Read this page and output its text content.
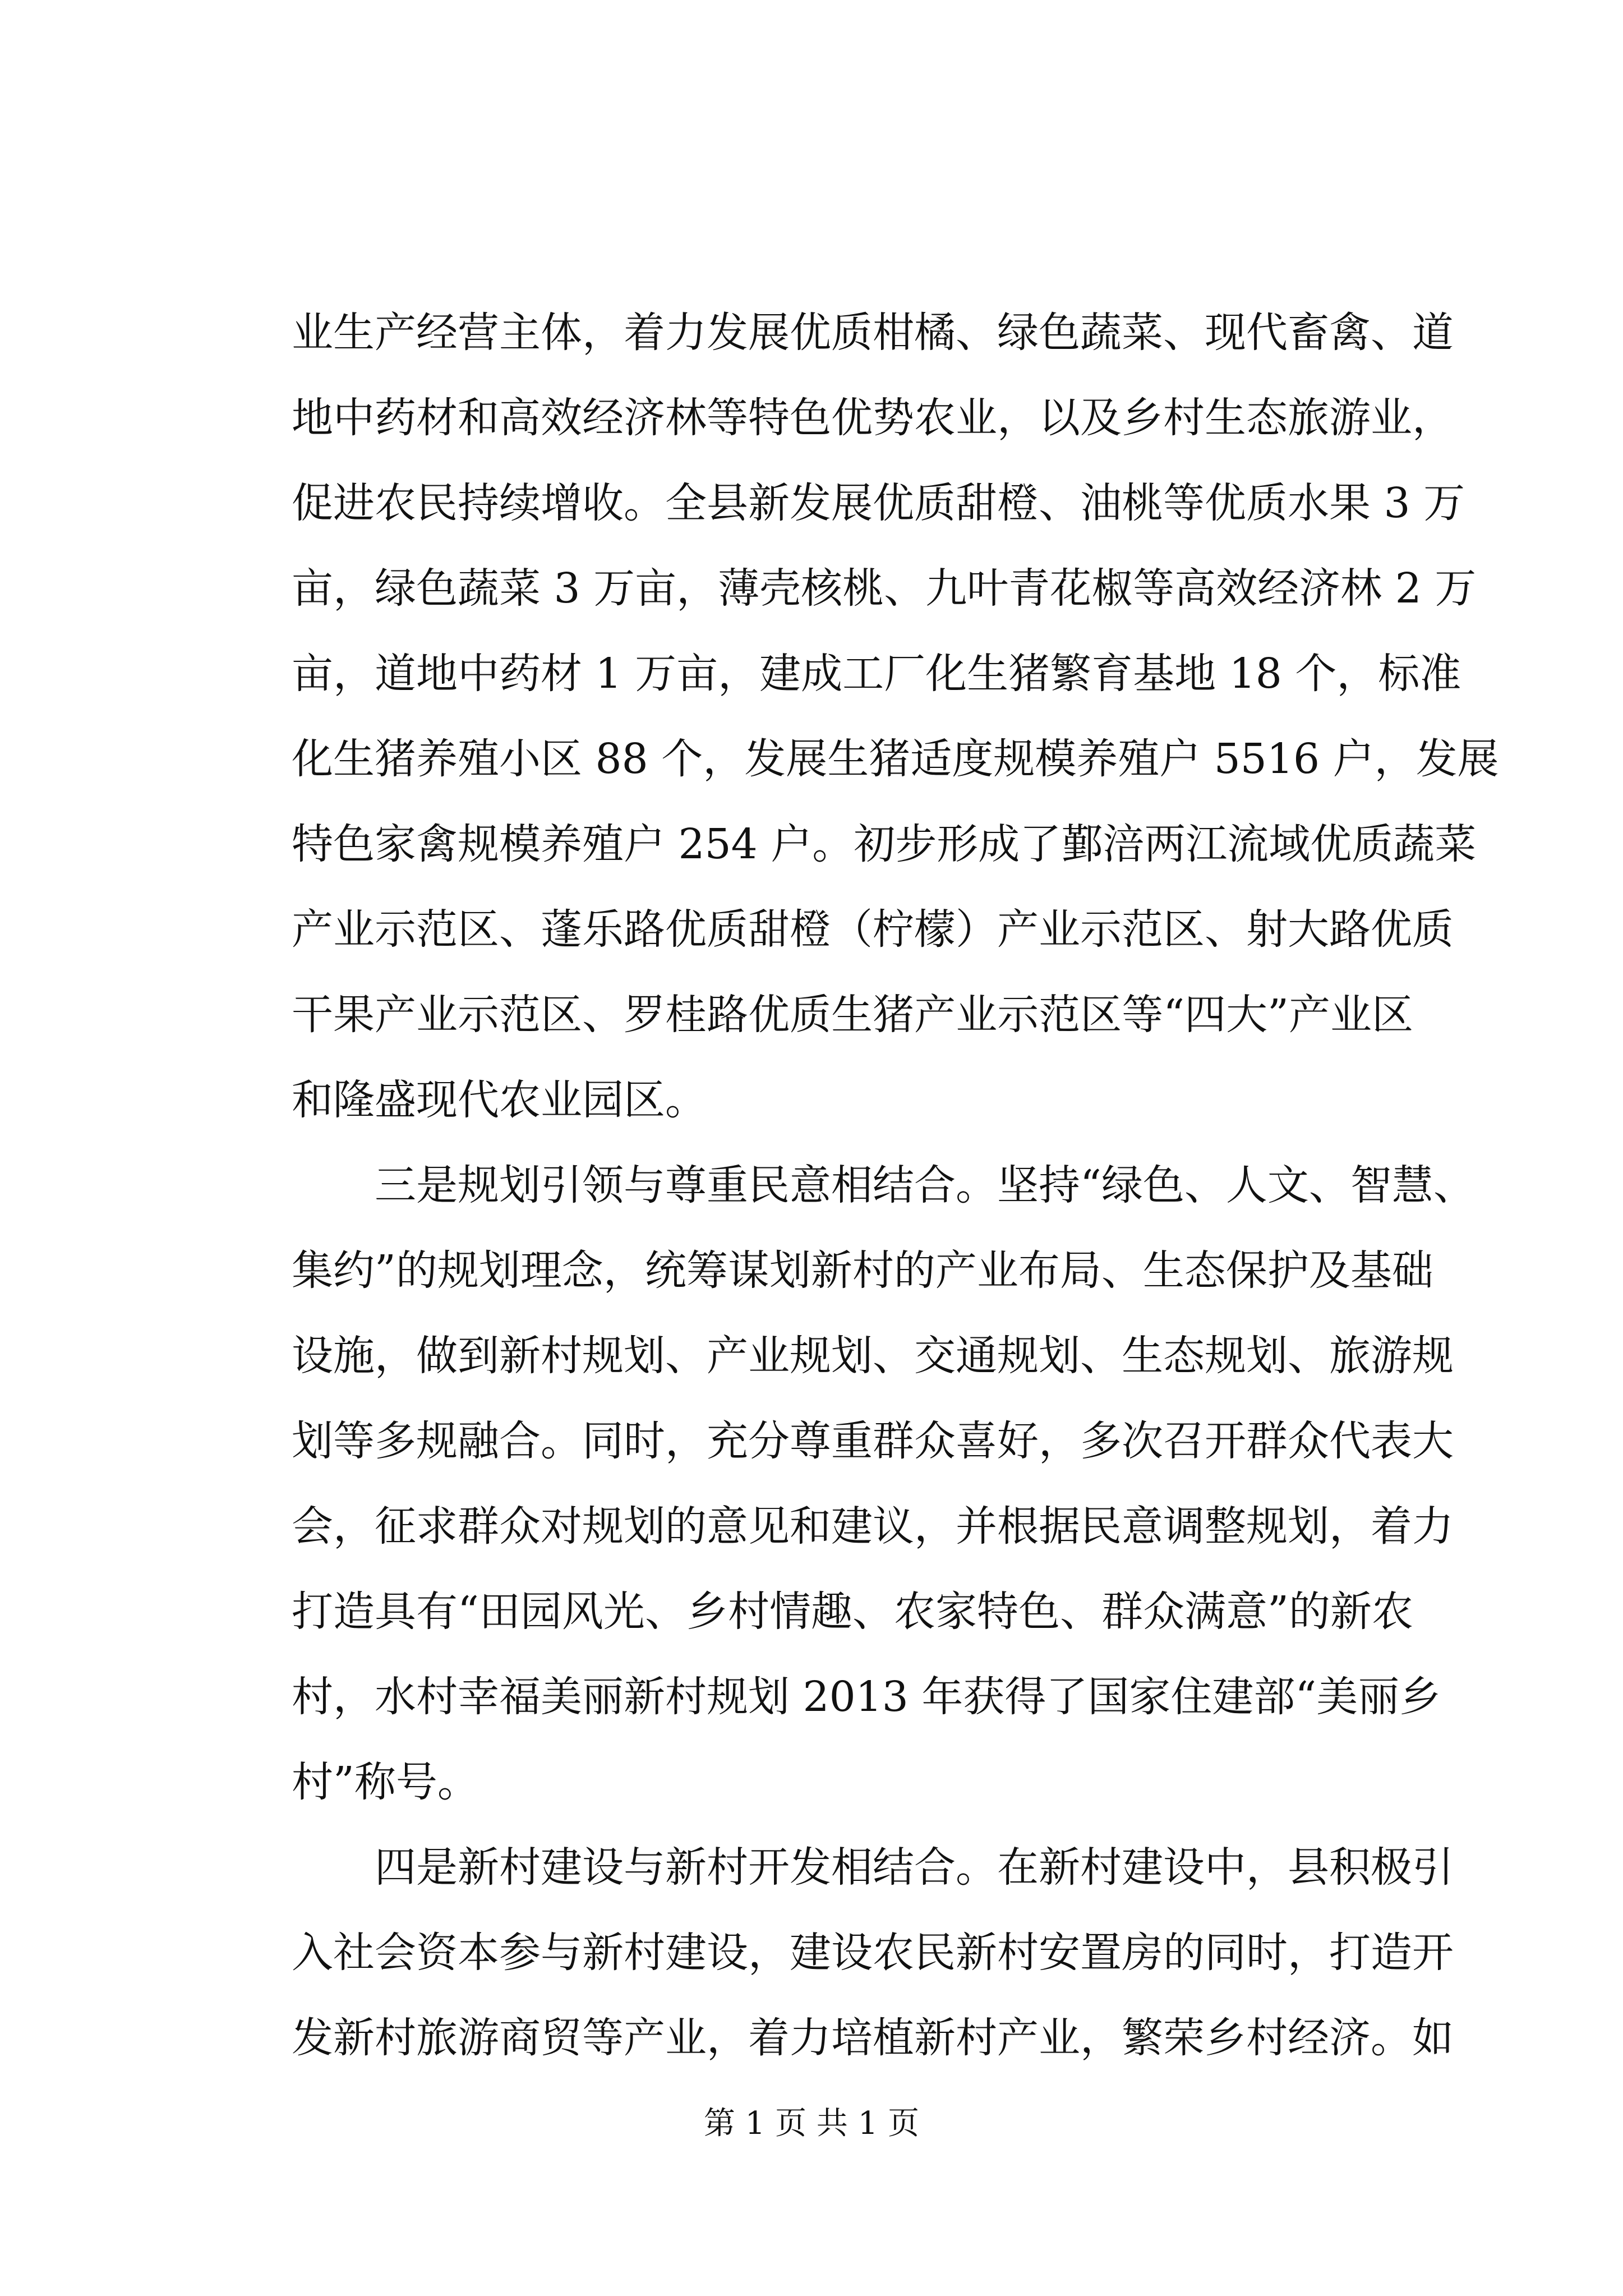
业生产经营主体，着力发展优质柑橘、绿色蔬菜、现代畜禽、道
地中药材和高效经济林等特色优势农业，以及乡村生态旅游业，
促进农民持续增收。全县新发展优质甜橙、油桃等优质水果 3 万
亩，绿色蔬菜 3 万亩，薄壳核桃、九叶青花椒等高效经济林 2 万
亩，道地中药材 1 万亩，建成工厂化生猪繁育基地 18 个，标准
化生猪养殖小区 88 个，发展生猪适度规模养殖户 5516 户，发展
特色家禽规模养殖户 254 户。初步形成了鄞涪两江流域优质蔬菜
产业示范区、蓬乐路优质甜橙（柠檬）产业示范区、射大路优质
干果产业示范区、罗桂路优质生猪产业示范区等“四大”产业区
和隆盛现代农业园区。
三是规划引领与尊重民意相结合。坚持“绿色、人文、智慧、
集约”的规划理念，统筹谋划新村的产业布局、生态保护及基础
设施，做到新村规划、产业规划、交通规划、生态规划、旅游规
划等多规融合。同时，充分尊重群众喜好，多次召开群众代表大
会，征求群众对规划的意见和建议，并根据民意调整规划，着力
打造具有“田园风光、乡村情趣、农家特色、群众满意”的新农
村，水村幸福美丽新村规划 2013 年获得了国家住建部“美丽乡
村”称号。
四是新村建设与新村开发相结合。在新村建设中，县积极引
入社会资本参与新村建设，建设农民新村安置房的同时，打造开
发新村旅游商贸等产业，着力培植新村产业，繁荣乡村经济。如
第 1 页 共 1 页
